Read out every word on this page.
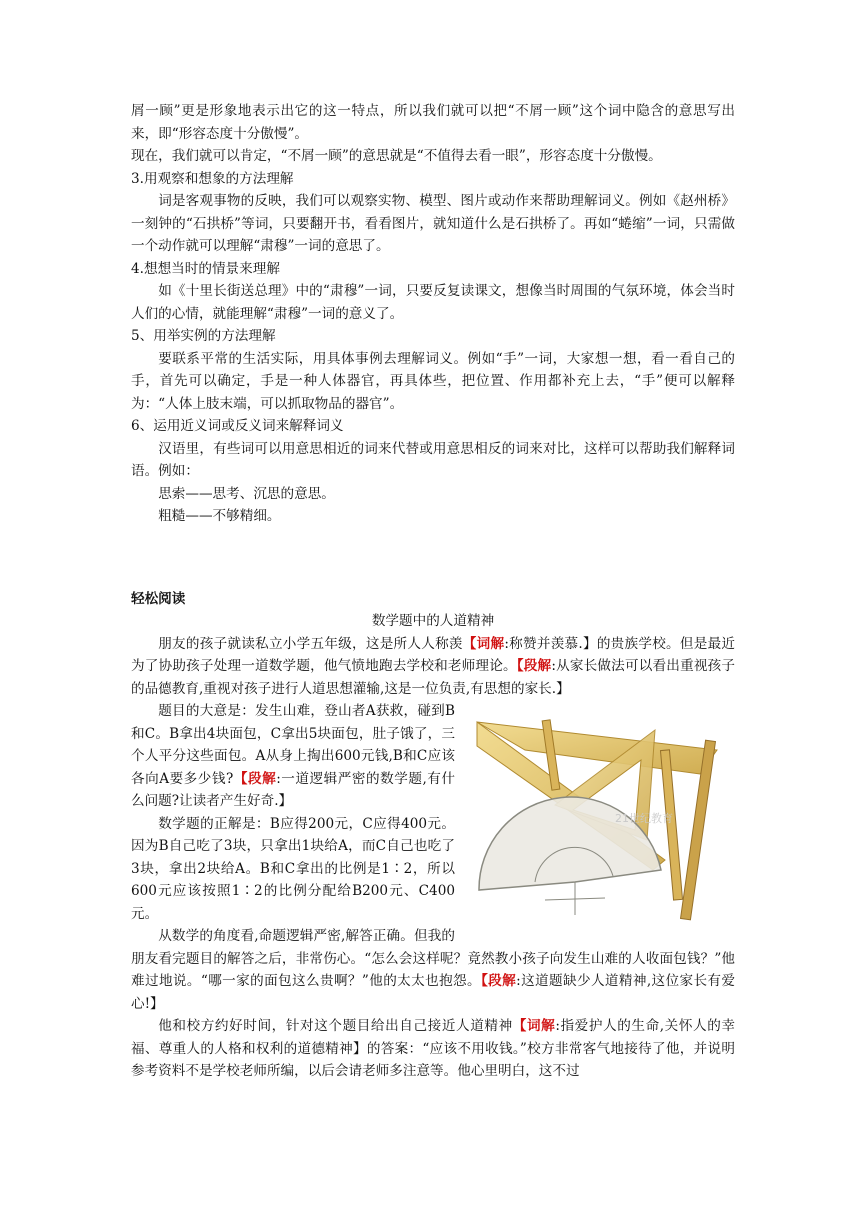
屑一顾”更是形象地表示出它的这一特点，所以我们就可以把“不屑一顾”这个词中隐含的意思写出来，即“形容态度十分傲慢”。

现在，我们就可以肯定，“不屑一顾”的意思就是“不值得去看一眼”，形容态度十分傲慢。

3.用观察和想象的方法理解

词是客观事物的反映，我们可以观察实物、模型、图片或动作来帮助理解词义。例如《赵州桥》一刻钟的“石拱桥”等词，只要翻开书，看看图片，就知道什么是石拱桥了。再如“蜷缩”一词，只需做一个动作就可以理解“肃穆”一词的意思了。

4.想想当时的情景来理解

如《十里长街送总理》中的“肃穆”一词，只要反复读课文，想像当时周围的气氛环境，体会当时人们的心情，就能理解“肃穆”一词的意义了。

5、用举实例的方法理解

要联系平常的生活实际，用具体事例去理解词义。例如“手”一词，大家想一想，看一看自己的手，首先可以确定，手是一种人体器官，再具体些，把位置、作用都补充上去，“手”便可以解释为：“人体上肢末端，可以抓取物品的器官”。

6、运用近义词或反义词来解释词义

汉语里，有些词可以用意思相近的词来代替或用意思相反的词来对比，这样可以帮助我们解释词语。例如：

思索——思考、沉思的意思。

粗糙——不够精细。

轻松阅读

数学题中的人道精神

朋友的孩子就读私立小学五年级，这是所人人称羡【词解:称赞并羡慕.】的贵族学校。但是最近为了协助孩子处理一道数学题，他气愤地跑去学校和老师理论。【段解:从家长做法可以看出重视孩子的品德教育,重视对孩子进行人道思想灌输,这是一位负责,有思想的家长.】

21世纪教育

题目的大意是：发生山难，登山者A获救，碰到B和C。B拿出4块面包，C拿出5块面包，肚子饿了，三个人平分这些面包。A从身上掏出600元钱,B和C应该各向A要多少钱?【段解:一道逻辑严密的数学题,有什么问题?让读者产生好奇.】

数学题的正解是：B应得200元，C应得400元。因为B自己吃了3块，只拿出1块给A，而C自己也吃了3块，拿出2块给A。B和C拿出的比例是1∶2，所以600元应该按照1∶2的比例分配给B200元、C400元。

从数学的角度看,命题逻辑严密,解答正确。但我的朋友看完题目的解答之后，非常伤心。“怎么会这样呢？竟然教小孩子向发生山难的人收面包钱？”他难过地说。“哪一家的面包这么贵啊？”他的太太也抱怨。【段解:这道题缺少人道精神,这位家长有爱心!】

他和校方约好时间，针对这个题目给出自己接近人道精神【词解:指爱护人的生命,关怀人的幸福、尊重人的人格和权利的道德精神】的答案：“应该不用收钱。”校方非常客气地接待了他，并说明参考资料不是学校老师所编，以后会请老师多注意等。他心里明白，这不过
